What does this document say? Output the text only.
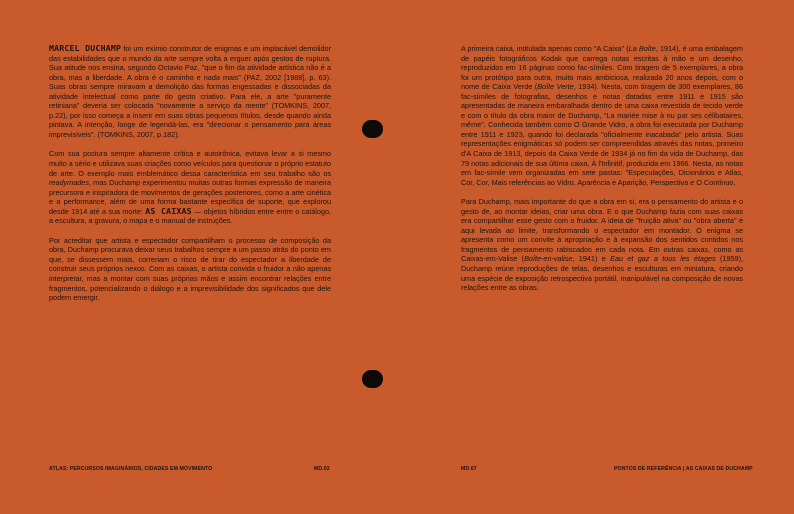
MARCEL DUCHAMP foi um exímio construtor de enigmas e um implacável demolidor das estabilidades que o mundo da arte sempre volta a erguer após gestos de ruptura. Sua atitude nos ensina, segundo Octavio Paz, "que o fim da atividade artística não é a obra, mas a liberdade. A obra é o caminho e nada mais" (PAZ, 2002 [1988], p. 63). Suas obras sempre miravam a demolição das formas engessadas e dissociadas da atividade intelectual como parte do gesto criativo. Para ele, a arte "puramente retiniana" deveria ser colocada "novamente a serviço da mente" (TOMKINS, 2007, p.22), por isso começa a inserir em suas obras pequenos títulos, desde quando ainda pintava. A intenção, longe de legendá-las, era "direcionar o pensamento para áreas imprevisíveis". (TOMKINS, 2007, p.182).

Com sua postura sempre altamente crítica e autoirônica, evitava levar a si mesmo muito a sério e utilizava suas criações como veículos para questionar o próprio estatuto de arte. O exemplo mais emblemático dessa característica em seu trabalho são os readymades, mas Duchamp experimentou muitas outras formas expressão de maneira precursora e inspiradora de movimentos de gerações posteriores, como a arte cinética e a performance, além de uma forma bastante específica de suporte, que explorou desde 1914 até a sua morte: AS CAIXAS — objetos híbridos entre entre o catálogo, a escultura, a gravura, o mapa e o manual de instruções.

Por acreditar que artista e espectador compartilham o processo de composição da obra, Duchamp procurava deixar seus trabalhos sempre a um passo atrás do ponto em que, se dissessem mais, correriam o risco de tirar do espectador a liberdade de construir seus próprios nexos. Com as caixas, o artista convida o fruidor a não apenas interpretar, mas a montar com suas próprias mãos e assim encontrar relações entre fragmentos, potencializando o diálogo e a imprevisibilidade dos significados que dele podem emergir.

ATLAS: PERCURSOS IMAGINÁRIOS, CIDADES EM MOVIMENTO	MD.02

A primeira caixa, intitulada apenas como "A Caixa" (La Boîte, 1914), é uma embalagem de papéis fotográficos Kodak que carrega notas escritas à mão e um desenho, reproduzidos em 16 páginas como fac-símiles. Com tiragem de 5 exemplares, a obra foi um protótipo para outra, muito mais ambiciosa, realizada 20 anos depois, com o nome de Caixa Verde (Boîte Verte, 1934). Nesta, com tiragem de 300 exemplares, 86 fac-símiles de fotografias, desenhos e notas datadas entre 1911 e 1915 são apresentadas de maneira embaralhada dentro de uma caixa revestida de tecido verde e com o título da obra maior de Duchamp, "La mariée mise à nu par ses célibataires, même". Conhecida também como O Grande Vidro, a obra foi executada por Duchamp entre 1911 e 1923, quando foi declarada "oficialmente inacabada" pelo artista. Suas representações enigmáticas só podem ser compreendidas através das notas, primeiro d'A Caixa de 1913, depois da Caixa Verde de 1934 já no fim da vida de Duchamp, das 79 notas adicionais de sua última caixa, À l'Infinitif, produzida em 1966. Nesta, as notas em fac-símile vem organizadas em sete pastas: "Especulações, Dicionários e Atlas, Cor, Cor, Mais referências ao Vidro, Aparência e Aparição, Perspectiva e O Contínuo.

Para Duchamp, mais importante do que a obra em si, era o pensamento do artista e o gesto de, ao montar ideias, criar uma obra. E o que Duchamp fazia com suas caixas era compartilhar esse gesto com o fruidor. A ideia de "fruição ativa" ou "obra aberta" é aqui levada ao limite, transformando o espectador em montador. O enigma se apresenta como um convite à apropriação e à expansão dos sentidos contidos nos fragmentos de pensamento rabiscados em cada nota. Em outras caixas, como as Caixas-em-Valise (Boîte-en-valise, 1941) e Eau et gaz a tous les étages (1959), Duchamp reúne reproduções de telas, desenhos e esculturas em miniatura, criando uma espécie de exposição retrospectiva portátil, manipulável na composição de novas relações entre as obras.

MD.07	PONTOS DE REFERÊNCIA | AS CAIXAS DE DUCHAMP
